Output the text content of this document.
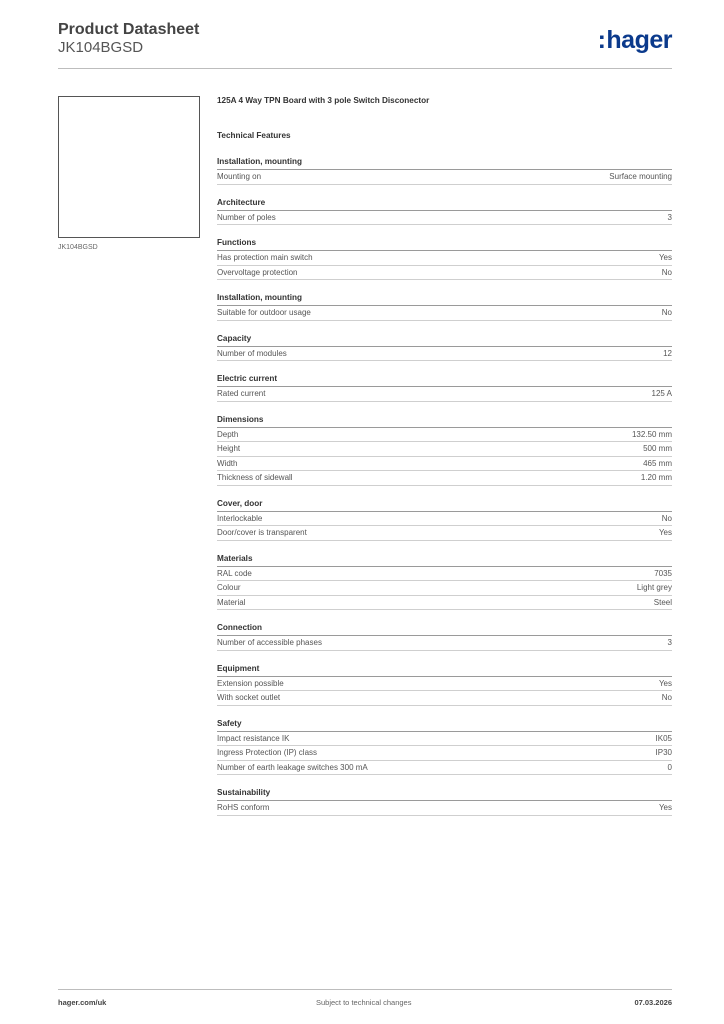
Product Datasheet
JK104BGSD	:hager
JK104BGSD
125A 4 Way TPN Board with 3 pole Switch Disconector
Technical Features
Installation, mounting
Mounting on	Surface mounting
Architecture
Number of poles	3
Functions
Has protection main switch	Yes
Overvoltage protection	No
Installation, mounting
Suitable for outdoor usage	No
Capacity
Number of modules	12
Electric current
Rated current	125 A
Dimensions
Depth	132.50 mm
Height	500 mm
Width	465 mm
Thickness of sidewall	1.20 mm
Cover, door
Interlockable	No
Door/cover is transparent	Yes
Materials
RAL code	7035
Colour	Light grey
Material	Steel
Connection
Number of accessible phases	3
Equipment
Extension possible	Yes
With socket outlet	No
Safety
Impact resistance IK	IK05
Ingress Protection (IP) class	IP30
Number of earth leakage switches 300 mA	0
Sustainability
RoHS conform	Yes
hager.com/uk	Subject to technical changes	07.03.2026
